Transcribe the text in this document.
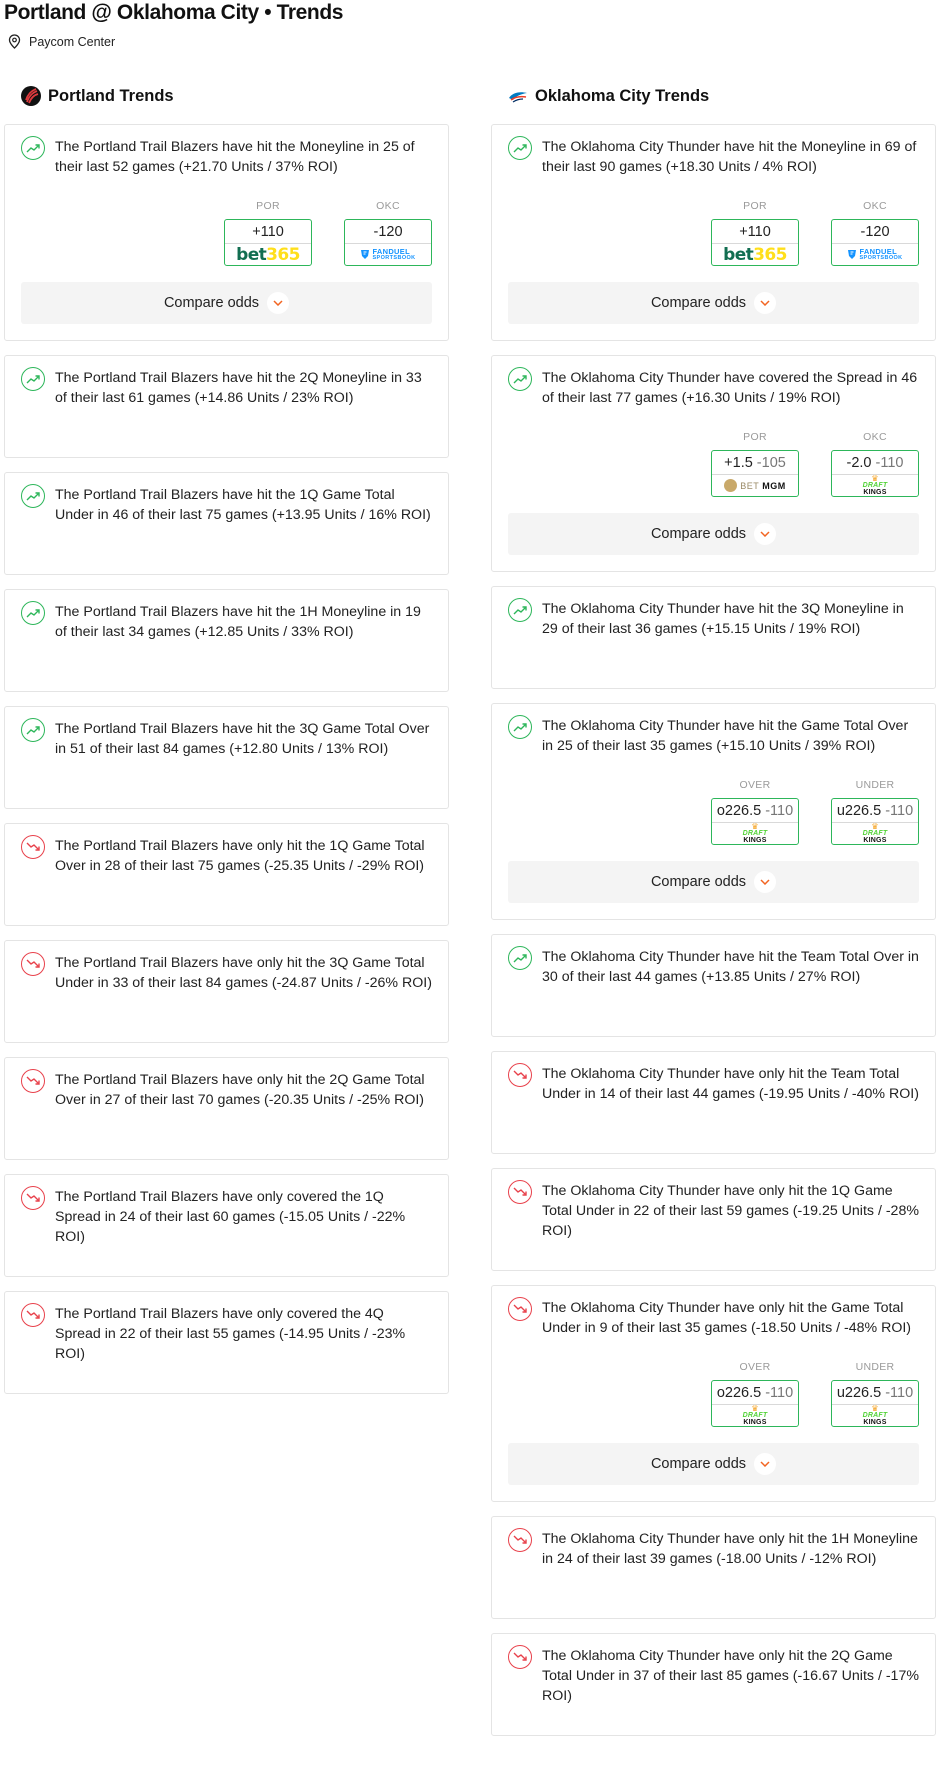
Portland @ Oklahoma City • Trends
Paycom Center
Portland Trends
The Portland Trail Blazers have hit the Moneyline in 25 of their last 52 games (+21.70 Units / 37% ROI)
POR
+110
bet365
OKC
-120
FANDUEL
SPORTSBOOK
Compare odds
The Portland Trail Blazers have hit the 2Q Moneyline in 33 of their last 61 games (+14.86 Units / 23% ROI)
The Portland Trail Blazers have hit the 1Q Game Total Under in 46 of their last 75 games (+13.95 Units / 16% ROI)
The Portland Trail Blazers have hit the 1H Moneyline in 19 of their last 34 games (+12.85 Units / 33% ROI)
The Portland Trail Blazers have hit the 3Q Game Total Over in 51 of their last 84 games (+12.80 Units / 13% ROI)
The Portland Trail Blazers have only hit the 1Q Game Total Over in 28 of their last 75 games (-25.35 Units / -29% ROI)
The Portland Trail Blazers have only hit the 3Q Game Total Under in 33 of their last 84 games (-24.87 Units / -26% ROI)
The Portland Trail Blazers have only hit the 2Q Game Total Over in 27 of their last 70 games (-20.35 Units / -25% ROI)
The Portland Trail Blazers have only covered the 1Q Spread in 24 of their last 60 games (-15.05 Units / -22% ROI)
The Portland Trail Blazers have only covered the 4Q Spread in 22 of their last 55 games (-14.95 Units / -23% ROI)
Oklahoma City Trends
The Oklahoma City Thunder have hit the Moneyline in 69 of their last 90 games (+18.30 Units / 4% ROI)
POR
+110
bet365
OKC
-120
FANDUEL
SPORTSBOOK
Compare odds
The Oklahoma City Thunder have covered the Spread in 46 of their last 77 games (+16.30 Units / 19% ROI)
POR
+1.5 -105
BET MGM
OKC
-2.0 -110
♛
DRAFT
KINGS
Compare odds
The Oklahoma City Thunder have hit the 3Q Moneyline in 29 of their last 36 games (+15.15 Units / 19% ROI)
The Oklahoma City Thunder have hit the Game Total Over in 25 of their last 35 games (+15.10 Units / 39% ROI)
OVER
o226.5 -110
♛
DRAFT
KINGS
UNDER
u226.5 -110
♛
DRAFT
KINGS
Compare odds
The Oklahoma City Thunder have hit the Team Total Over in 30 of their last 44 games (+13.85 Units / 27% ROI)
The Oklahoma City Thunder have only hit the Team Total Under in 14 of their last 44 games (-19.95 Units / -40% ROI)
The Oklahoma City Thunder have only hit the 1Q Game Total Under in 22 of their last 59 games (-19.25 Units / -28% ROI)
The Oklahoma City Thunder have only hit the Game Total Under in 9 of their last 35 games (-18.50 Units / -48% ROI)
OVER
o226.5 -110
♛
DRAFT
KINGS
UNDER
u226.5 -110
♛
DRAFT
KINGS
Compare odds
The Oklahoma City Thunder have only hit the 1H Moneyline in 24 of their last 39 games (-18.00 Units / -12% ROI)
The Oklahoma City Thunder have only hit the 2Q Game Total Under in 37 of their last 85 games (-16.67 Units / -17% ROI)
